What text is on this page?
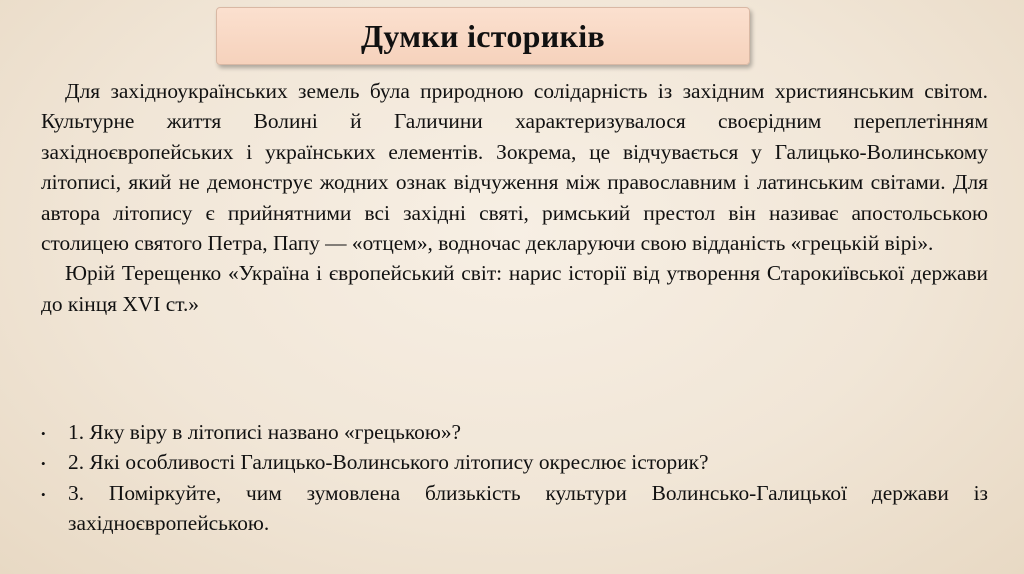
Думки істориків

Для західноукраїнських земель була природною солідарність із західним християнським світом. Культурне життя Волині й Галичини характеризувалося своєрідним переплетінням західноєвропейських і українських елементів. Зокрема, це відчувається у Галицько-Волинському літописі, який не демонструє жодних ознак відчуження між православним і латинським світами. Для автора літопису є прийнятними всі західні святі, римський престол він називає апостольською столицею святого Петра, Папу — «отцем», водночас декларуючи свою відданість «грецькій вірі».

Юрій Терещенко «Україна і європейський світ: нарис історії від утворення Старокиївської держави до кінця XVI ст.»

• 1. Яку віру в літописі названо «грецькою»?
• 2. Які особливості Галицько-Волинського літопису окреслює історик?
• 3. Поміркуйте, чим зумовлена близькість культури Волинсько-Галицької держави із західноєвропейською.
